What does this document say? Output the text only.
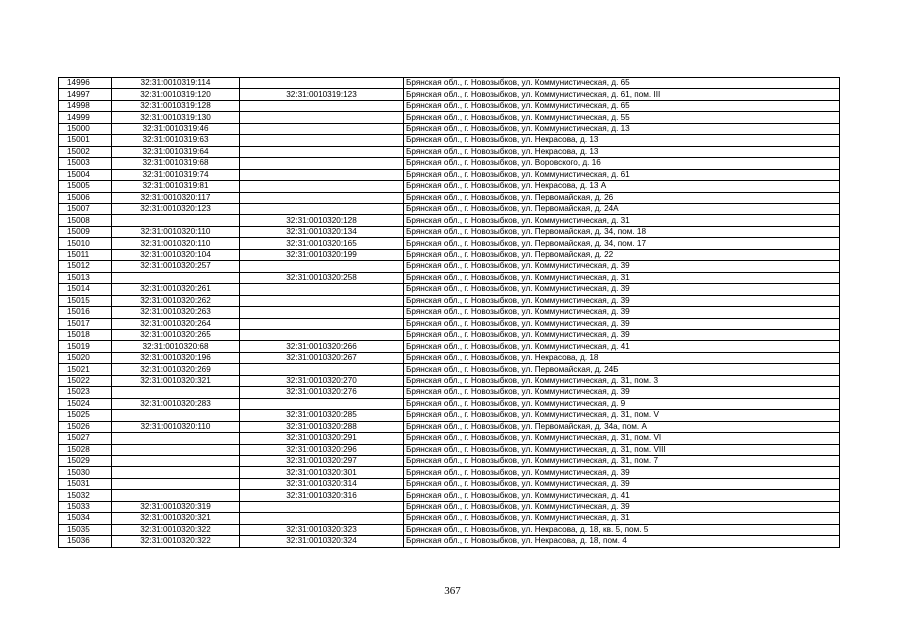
14996	32:31:0010319:114		Брянская обл., г. Новозыбков, ул. Коммунистическая, д. 65
14997	32:31:0010319:120	32:31:0010319:123	Брянская обл., г. Новозыбков, ул. Коммунистическая, д. 61, пом. III
14998	32:31:0010319:128		Брянская обл., г. Новозыбков, ул. Коммунистическая, д. 65
14999	32:31:0010319:130		Брянская обл., г. Новозыбков, ул. Коммунистическая, д. 55
15000	32:31:0010319:46		Брянская обл., г. Новозыбков, ул. Коммунистическая, д. 13
15001	32:31:0010319:63		Брянская обл., г. Новозыбков, ул. Некрасова, д. 13
15002	32:31:0010319:64		Брянская обл., г. Новозыбков, ул. Некрасова, д. 13
15003	32:31:0010319:68		Брянская обл., г. Новозыбков, ул. Воровского, д. 16
15004	32:31:0010319:74		Брянская обл., г. Новозыбков, ул. Коммунистическая, д. 61
15005	32:31:0010319:81		Брянская обл., г. Новозыбков, ул. Некрасова, д. 13 А
15006	32:31:0010320:117		Брянская обл., г. Новозыбков, ул. Первомайская, д. 26
15007	32:31:0010320:123		Брянская обл., г. Новозыбков, ул. Первомайская, д. 24А
15008		32:31:0010320:128	Брянская обл., г. Новозыбков, ул. Коммунистическая, д. 31
15009	32:31:0010320:110	32:31:0010320:134	Брянская обл., г. Новозыбков, ул. Первомайская, д. 34, пом. 18
15010	32:31:0010320:110	32:31:0010320:165	Брянская обл., г. Новозыбков, ул. Первомайская, д. 34, пом. 17
15011	32:31:0010320:104	32:31:0010320:199	Брянская обл., г. Новозыбков, ул. Первомайская, д. 22
15012	32:31:0010320:257		Брянская обл., г. Новозыбков, ул. Коммунистическая, д. 39
15013		32:31:0010320:258	Брянская обл., г. Новозыбков, ул. Коммунистическая, д. 31
15014	32:31:0010320:261		Брянская обл., г. Новозыбков, ул. Коммунистическая, д. 39
15015	32:31:0010320:262		Брянская обл., г. Новозыбков, ул. Коммунистическая, д. 39
15016	32:31:0010320:263		Брянская обл., г. Новозыбков, ул. Коммунистическая, д. 39
15017	32:31:0010320:264		Брянская обл., г. Новозыбков, ул. Коммунистическая, д. 39
15018	32:31:0010320:265		Брянская обл., г. Новозыбков, ул. Коммунистическая, д. 39
15019	32:31:0010320:68	32:31:0010320:266	Брянская обл., г. Новозыбков, ул. Коммунистическая, д. 41
15020	32:31:0010320:196	32:31:0010320:267	Брянская обл., г. Новозыбков, ул. Некрасова, д. 18
15021	32:31:0010320:269		Брянская обл., г. Новозыбков, ул. Первомайская, д. 24Б
15022	32:31:0010320:321	32:31:0010320:270	Брянская обл., г. Новозыбков, ул. Коммунистическая, д. 31, пом. 3
15023		32:31:0010320:276	Брянская обл., г. Новозыбков, ул. Коммунистическая, д. 39
15024	32:31:0010320:283		Брянская обл., г. Новозыбков, ул. Коммунистическая, д. 9
15025		32:31:0010320:285	Брянская обл., г. Новозыбков, ул. Коммунистическая, д. 31, пом. V
15026	32:31:0010320:110	32:31:0010320:288	Брянская обл., г. Новозыбков, ул. Первомайская, д. 34а, пом. А
15027		32:31:0010320:291	Брянская обл., г. Новозыбков, ул. Коммунистическая, д. 31, пом. VI
15028		32:31:0010320:296	Брянская обл., г. Новозыбков, ул. Коммунистическая, д. 31, пом. VIII
15029		32:31:0010320:297	Брянская обл., г. Новозыбков, ул. Коммунистическая, д. 31, пом. 7
15030		32:31:0010320:301	Брянская обл., г. Новозыбков, ул. Коммунистическая, д. 39
15031		32:31:0010320:314	Брянская обл., г. Новозыбков, ул. Коммунистическая, д. 39
15032		32:31:0010320:316	Брянская обл., г. Новозыбков, ул. Коммунистическая, д. 41
15033	32:31:0010320:319		Брянская обл., г. Новозыбков, ул. Коммунистическая, д. 39
15034	32:31:0010320:321		Брянская обл., г. Новозыбков, ул. Коммунистическая, д. 31
15035	32:31:0010320:322	32:31:0010320:323	Брянская обл., г. Новозыбков, ул. Некрасова, д. 18, кв. 5, пом. 5
15036	32:31:0010320:322	32:31:0010320:324	Брянская обл., г. Новозыбков, ул. Некрасова, д. 18, пом. 4
367
